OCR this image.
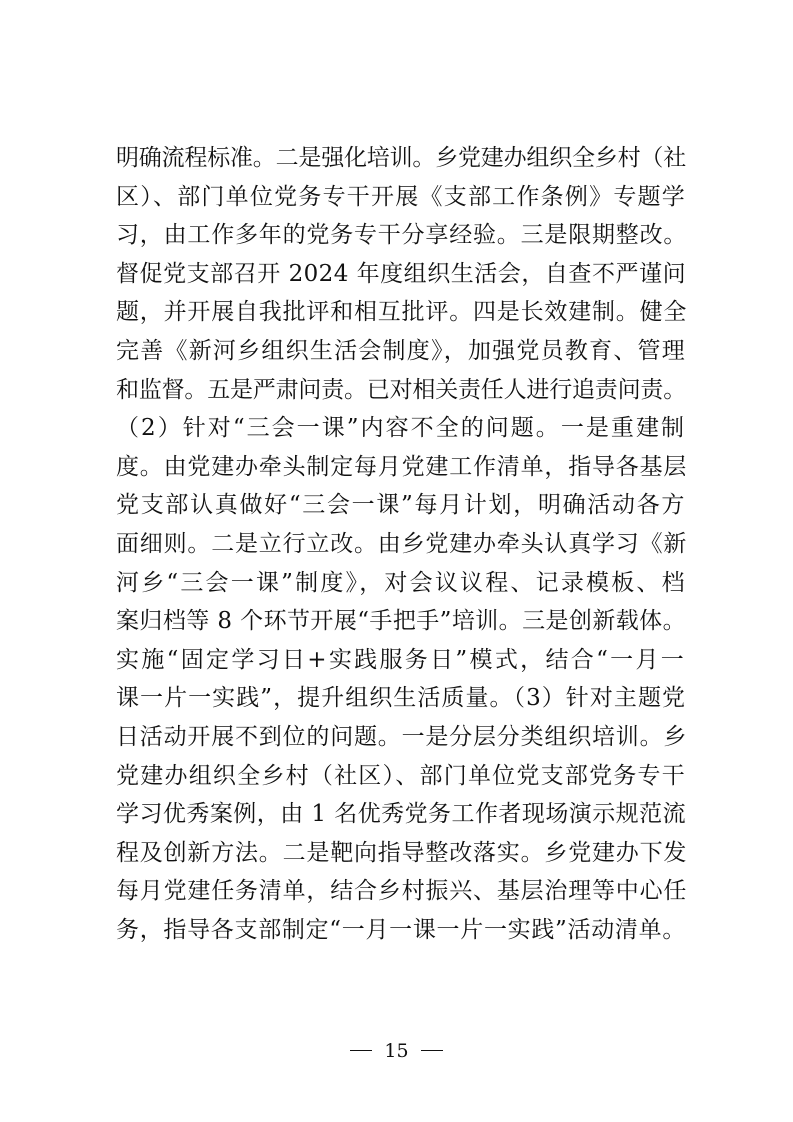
明确流程标准。二是强化培训。乡党建办组织全乡村（社
区）、部门单位党务专干开展《支部工作条例》专题学
习，由工作多年的党务专干分享经验。三是限期整改。
督促党支部召开 2024 年度组织生活会，自查不严谨问
题，并开展自我批评和相互批评。四是长效建制。健全
完善《新河乡组织生活会制度》，加强党员教育、管理
和监督。五是严肃问责。已对相关责任人进行追责问责。
（2）针对“三会一课”内容不全的问题。一是重建制
度。由党建办牵头制定每月党建工作清单，指导各基层
党支部认真做好“三会一课”每月计划，明确活动各方
面细则。二是立行立改。由乡党建办牵头认真学习《新
河乡“三会一课”制度》，对会议议程、记录模板、档
案归档等 8 个环节开展“手把手”培训。三是创新载体。
实施“固定学习日+实践服务日”模式，结合“一月一
课一片一实践”，提升组织生活质量。（3）针对主题党
日活动开展不到位的问题。一是分层分类组织培训。乡
党建办组织全乡村（社区）、部门单位党支部党务专干
学习优秀案例，由 1 名优秀党务工作者现场演示规范流
程及创新方法。二是靶向指导整改落实。乡党建办下发
每月党建任务清单，结合乡村振兴、基层治理等中心任
务，指导各支部制定“一月一课一片一实践”活动清单。
15
